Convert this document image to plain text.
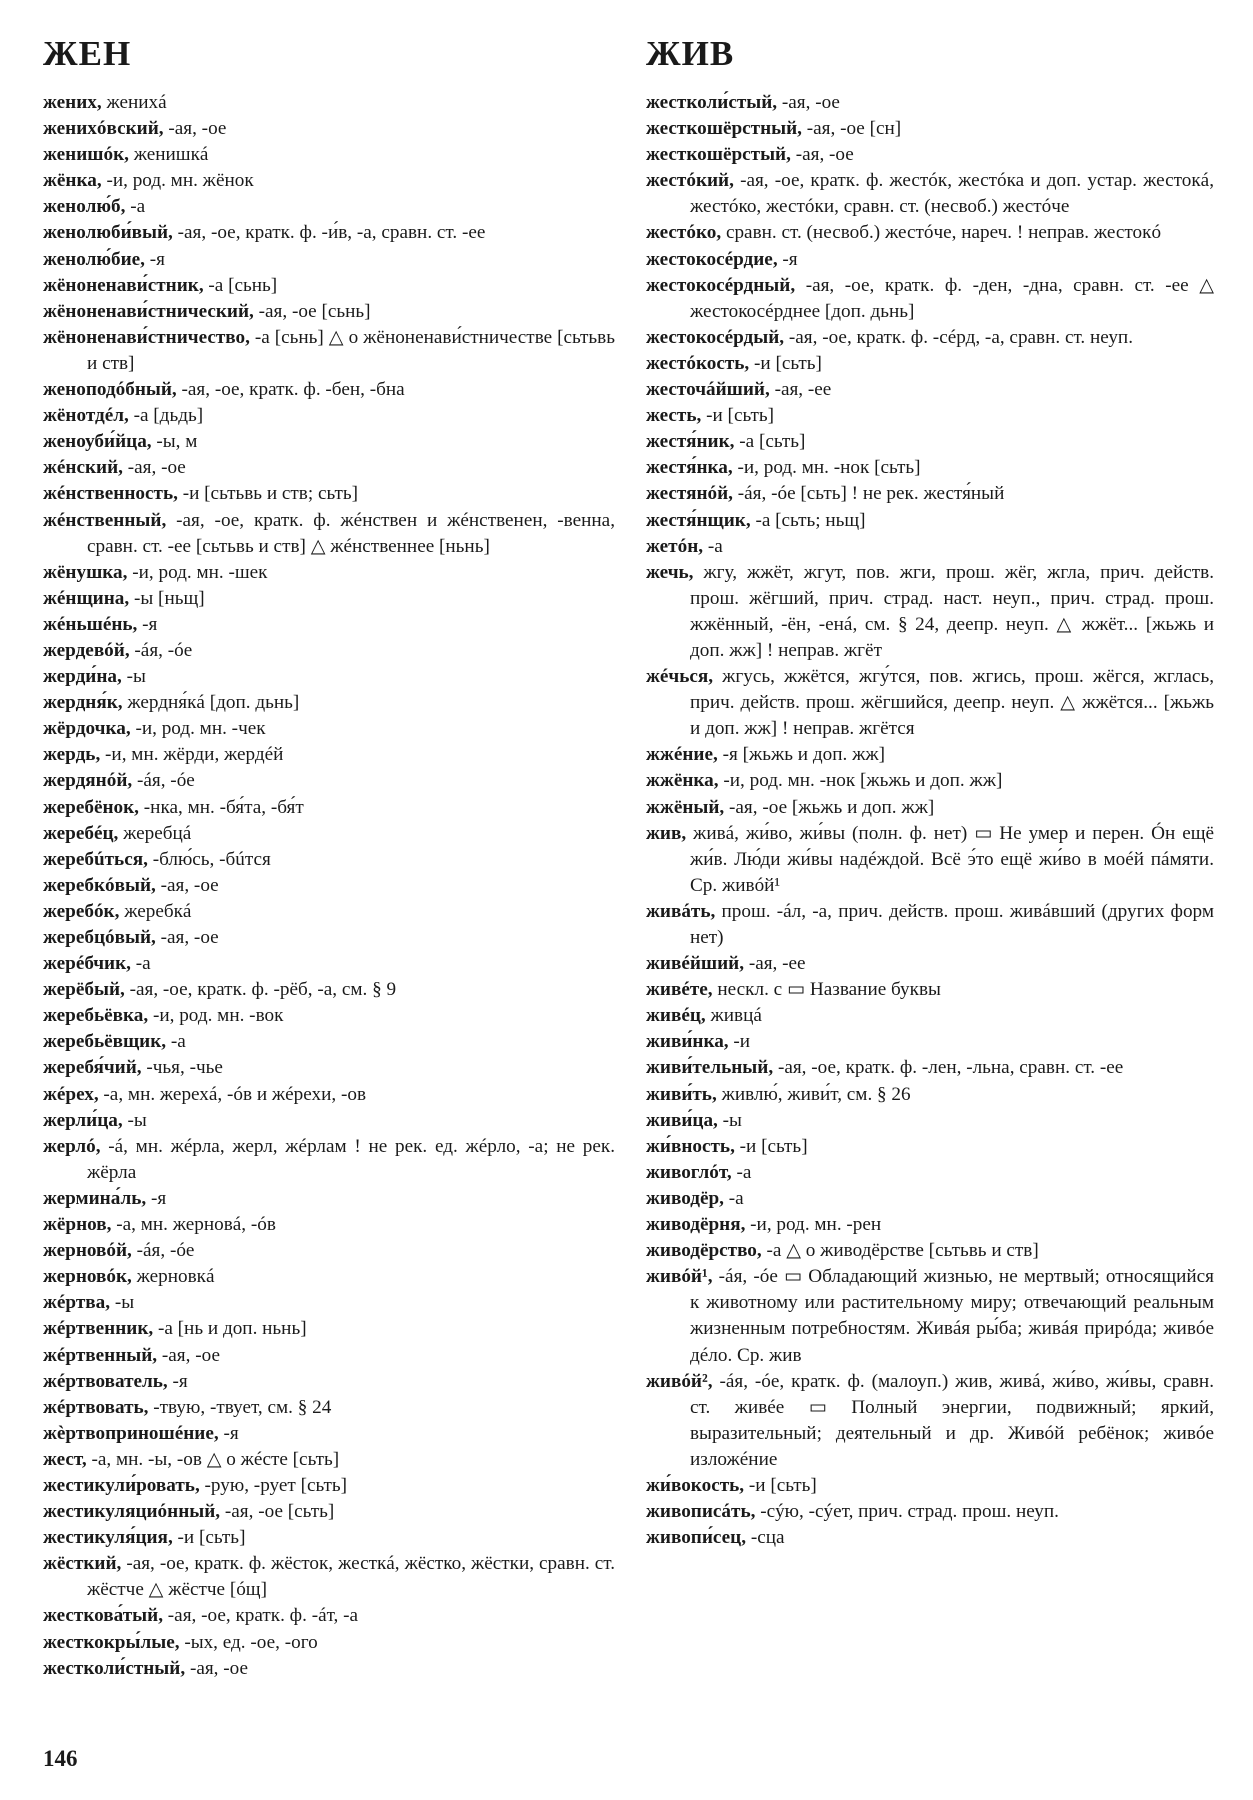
ЖЕН	ЖИВ
жених, женихá
женихóвский, -ая, -ое
женишóк, женишкá
жёнка, -и, род. мн. жёнок
женолю́б, -а
женолюби́вый, -ая, -ое, кратк. ф. -и́в, -а, сравн. ст. -ее
женолю́бие, -я
жёноненави́стник, -а [сьнь]
жёноненави́стнический, -ая, -ое [сьнь]
жёноненави́стничество, -а [сьнь] △ о жёноненави́стничестве [сьтьвь и ств]
женоподóбный, -ая, -ое, кратк. ф. -бен, -бна
жёнотдéл, -а [дьдь]
женоуби́йца, -ы, м
жéнский, -ая, -ое
жéнственность, -и [сьтьвь и ств; сьть]
жéнственный, -ая, -ое, кратк. ф. жéнствен и жéнственен, -венна, сравн. ст. -ее [сьтьвь и ств] △ жéнственнее [ньнь]
жёнушка, -и, род. мн. -шек
жéнщина, -ы [ньщ]
жéньшéнь, -я
жердевóй, -áя, -óе
жерди́на, -ы
жердня́к, жердня́кá [доп. дьнь]
жёрдочка, -и, род. мн. -чек
жердь, -и, мн. жёрди, жердéй
жердянóй, -áя, -óе
жеребёнок, -нка, мн. -бя́та, -бя́т
жеребéц, жеребцá
жеребúться, -блю́сь, -бúтся
жеребкóвый, -ая, -ое
жеребóк, жеребкá
жеребцóвый, -ая, -ое
жерéбчик, -а
жерёбый, -ая, -ое, кратк. ф. -рёб, -а, см. § 9
жеребьёвка, -и, род. мн. -вок
жеребьёвщик, -а
жеребя́чий, -чья, -чье
жéрех, -а, мн. жерехá, -óв и жéрехи, -ов
жерли́ца, -ы
жерлó, -á, мн. жéрла, жерл, жéрлам ! не рек. ед. жéрло, -а; не рек. жёрла
жермина́ль, -я
жёрнов, -а, мн. жерновá, -óв
жерновóй, -áя, -óе
жерновóк, жерновкá
жéртва, -ы
жéртвенник, -а [нь и доп. ньнь]
жéртвенный, -ая, -ое
жéртвователь, -я
жéртвовать, -твую, -твует, см. § 24
жèртвоприношéние, -я
жест, -а, мн. -ы, -ов △ о жéсте [сьть]
жестикули́ровать, -рую, -рует [сьть]
жестикуляциóнный, -ая, -ое [сьть]
жестикуля́ция, -и [сьть]
жёсткий, -ая, -ое, кратк. ф. жёсток, жесткá, жёстко, жёстки, сравн. ст. жёстче △ жёстче [óщ]
жесткова́тый, -ая, -ое, кратк. ф. -áт, -а
жесткокры́лые, -ых, ед. -ое, -ого
жестколи́стный, -ая, -ое
жестколи́стый, -ая, -ое
жесткошёрстный, -ая, -ое [сн]
жесткошёрстый, -ая, -ое
жестóкий, -ая, -ое, кратк. ф. жестóк, жестóка и доп. устар. жестокá, жестóко, жестóки, сравн. ст. (несвоб.) жестóче
жестóко, сравн. ст. (несвоб.) жестóче, нареч. ! неправ. жестокó
жестокосéрдие, -я
жестокосéрдный, -ая, -ое, кратк. ф. -ден, -дна, сравн. ст. -ее △ жестокосéрднее [доп. дьнь]
жестокосéрдый, -ая, -ое, кратк. ф. -сéрд, -а, сравн. ст. неуп.
жестóкость, -и [сьть]
жесточáйший, -ая, -ее
жесть, -и [сьть]
жестя́ник, -а [сьть]
жестя́нка, -и, род. мн. -нок [сьть]
жестянóй, -áя, -óе [сьть] ! не рек. жестя́ный
жестя́нщик, -а [сьть; ньщ]
жетóн, -а
жечь, жгу, жжёт, жгут, пов. жги, прош. жёг, жгла, прич. действ. прош. жёгший, прич. страд. наст. неуп., прич. страд. прош. жжённый, -ён, -енá, см. § 24, деепр. неуп. △ жжёт... [жьжь и доп. жж] ! неправ. жгёт
жéчься, жгусь, жжётся, жгу́тся, пов. жгись, прош. жёгся, жглась, прич. действ. прош. жёгшийся, деепр. неуп. △ жжётся... [жьжь и доп. жж] ! неправ. жгётся
жжéние, -я [жьжь и доп. жж]
жжёнка, -и, род. мн. -нок [жьжь и доп. жж]
жжёный, -ая, -ое [жьжь и доп. жж]
жив, живá, жи́во, жи́вы (полн. ф. нет) ▭ Не умер и перен. Óн ещё жи́в. Лю́ди жи́вы надéждой. Всё э́то ещё жи́во в моéй пáмяти. Ср. живóй¹
живáть, прош. -áл, -а, прич. действ. прош. живáвший (других форм нет)
живéйший, -ая, -ее
живéте, нескл. с ▭ Название буквы
живéц, живцá
живи́нка, -и
живи́тельный, -ая, -ое, кратк. ф. -лен, -льна, сравн. ст. -ее
живи́ть, живлю́, живи́т, см. § 26
живи́ца, -ы
жи́вность, -и [сьть]
живоглóт, -а
живодёр, -а
живодёрня, -и, род. мн. -рен
живодёрство, -а △ о живодёрстве [сьтьвь и ств]
живóй¹, -áя, -óе ▭ Обладающий жизнью, не мертвый; относящийся к животному или растительному миру; отвечающий реальным жизненным потребностям. Живáя ры́ба; живáя прирóда; живóе дéло. Ср. жив
живóй², -áя, -óе, кратк. ф. (малоуп.) жив, живá, жи́во, жи́вы, сравн. ст. живéе ▭ Полный энергии, подвижный; яркий, выразительный; деятельный и др. Живóй ребёнок; живóе изложéние
жи́вокость, -и [сьть]
живописáть, -сýю, -сýет, прич. страд. прош. неуп.
живопи́сец, -сца
146
